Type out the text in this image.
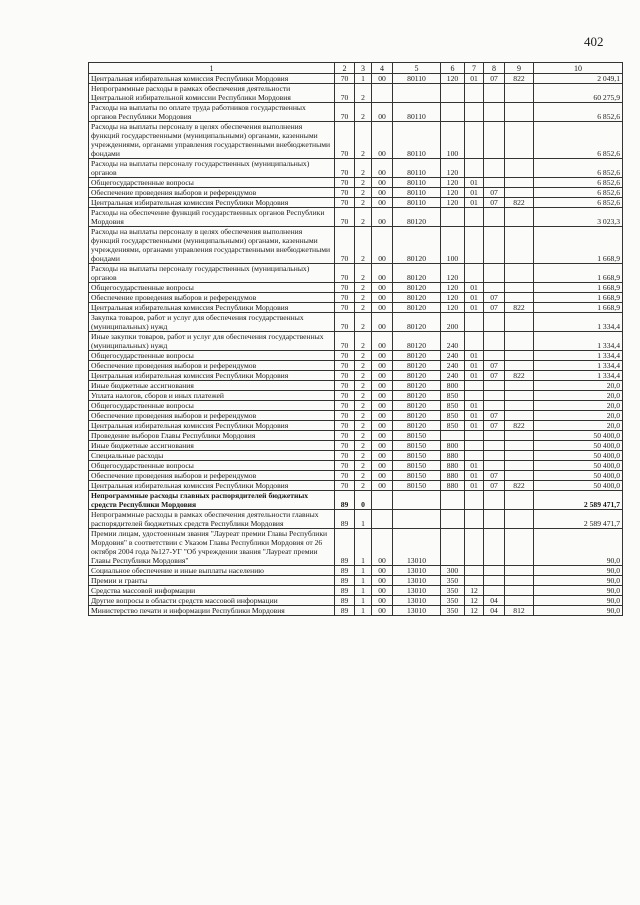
402
1	2	3	4	5	6	7	8	9	10
Центральная избирательная комиссия Республики Мордовия	70	1	00	80110	120	01	07	822	2 049,1
Непрограммные расходы в рамках обеспечения деятельности Центральной избирательной комиссии Республики Мордовия	70	2							60 275,9
Расходы на выплаты по оплате труда работников государственных органов Республики Мордовия	70	2	00	80110					6 852,6
Расходы на выплаты персоналу в целях обеспечения выполнения функций государственными (муниципальными) органами, казенными учреждениями, органами управления государственными внебюджетными фондами	70	2	00	80110	100				6 852,6
Расходы на выплаты персоналу государственных (муниципальных) органов	70	2	00	80110	120				6 852,6
Общегосударственные вопросы	70	2	00	80110	120	01			6 852,6
Обеспечение проведения выборов и референдумов	70	2	00	80110	120	01	07		6 852,6
Центральная избирательная комиссия Республики Мордовия	70	2	00	80110	120	01	07	822	6 852,6
Расходы на обеспечение функций государственных органов Республики Мордовия	70	2	00	80120					3 023,3
Расходы на выплаты персоналу в целях обеспечения выполнения функций государственными (муниципальными) органами, казенными учреждениями, органами управления государственными внебюджетными фондами	70	2	00	80120	100				1 668,9
Расходы на выплаты персоналу государственных (муниципальных) органов	70	2	00	80120	120				1 668,9
Общегосударственные вопросы	70	2	00	80120	120	01			1 668,9
Обеспечение проведения выборов и референдумов	70	2	00	80120	120	01	07		1 668,9
Центральная избирательная комиссия Республики Мордовия	70	2	00	80120	120	01	07	822	1 668,9
Закупка товаров, работ и услуг для обеспечения государственных (муниципальных) нужд	70	2	00	80120	200				1 334,4
Иные закупки товаров, работ и услуг для обеспечения государственных (муниципальных) нужд	70	2	00	80120	240				1 334,4
Общегосударственные вопросы	70	2	00	80120	240	01			1 334,4
Обеспечение проведения выборов и референдумов	70	2	00	80120	240	01	07		1 334,4
Центральная избирательная комиссия Республики Мордовия	70	2	00	80120	240	01	07	822	1 334,4
Иные бюджетные ассигнования	70	2	00	80120	800				20,0
Уплата налогов, сборов и иных платежей	70	2	00	80120	850				20,0
Общегосударственные вопросы	70	2	00	80120	850	01			20,0
Обеспечение проведения выборов и референдумов	70	2	00	80120	850	01	07		20,0
Центральная избирательная комиссия Республики Мордовия	70	2	00	80120	850	01	07	822	20,0
Проведение выборов Главы Республики Мордовия	70	2	00	80150					50 400,0
Иные бюджетные ассигнования	70	2	00	80150	800				50 400,0
Специальные расходы	70	2	00	80150	880				50 400,0
Общегосударственные вопросы	70	2	00	80150	880	01			50 400,0
Обеспечение проведения выборов и референдумов	70	2	00	80150	880	01	07		50 400,0
Центральная избирательная комиссия Республики Мордовия	70	2	00	80150	880	01	07	822	50 400,0
Непрограммные расходы главных распорядителей бюджетных средств Республики Мордовия	89	0							2 589 471,7
Непрограммные расходы в рамках обеспечения деятельности главных распорядителей бюджетных средств Республики Мордовия	89	1							2 589 471,7
Премии лицам, удостоенным звания "Лауреат премии Главы Республики Мордовия" в соответствии с Указом Главы Республики Мордовия от 26 октября 2004 года №127-УГ "Об учреждении звания "Лауреат премии Главы Республики Мордовия"	89	1	00	13010					90,0
Социальное обеспечение и иные выплаты населению	89	1	00	13010	300				90,0
Премии и гранты	89	1	00	13010	350				90,0
Средства массовой информации	89	1	00	13010	350	12			90,0
Другие вопросы в области средств массовой информации	89	1	00	13010	350	12	04		90,0
Министерство печати и информации Республики Мордовия	89	1	00	13010	350	12	04	812	90,0
